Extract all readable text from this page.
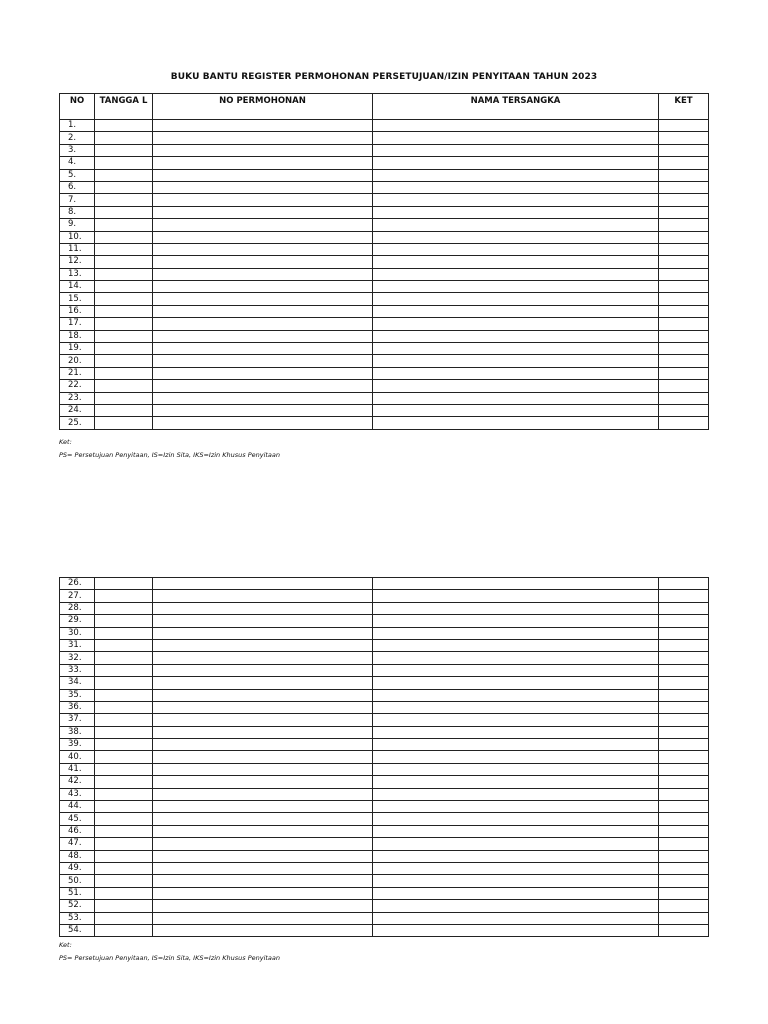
BUKU BANTU REGISTER PERMOHONAN PERSETUJUAN/IZIN PENYITAAN TAHUN 2023
NO	TANGGA L	NO PERMOHONAN	NAMA TERSANGKA	KET
1.				
2.				
3.				
4.				
5.				
6.				
7.				
8.				
9.				
10.				
11.				
12.				
13.				
14.				
15.				
16.				
17.				
18.				
19.				
20.				
21.				
22.				
23.				
24.				
25.				
Ket:
PS= Persetujuan Penyitaan, IS=Izin Sita, IKS=Izin Khusus Penyitaan
26.				
27.				
28.				
29.				
30.				
31.				
32.				
33.				
34.				
35.				
36.				
37.				
38.				
39.				
40.				
41.				
42.				
43.				
44.				
45.				
46.				
47.				
48.				
49.				
50.				
51.				
52.				
53.				
54.				
Ket:
PS= Persetujuan Penyitaan, IS=Izin Sita, IKS=Izin Khusus Penyitaan
